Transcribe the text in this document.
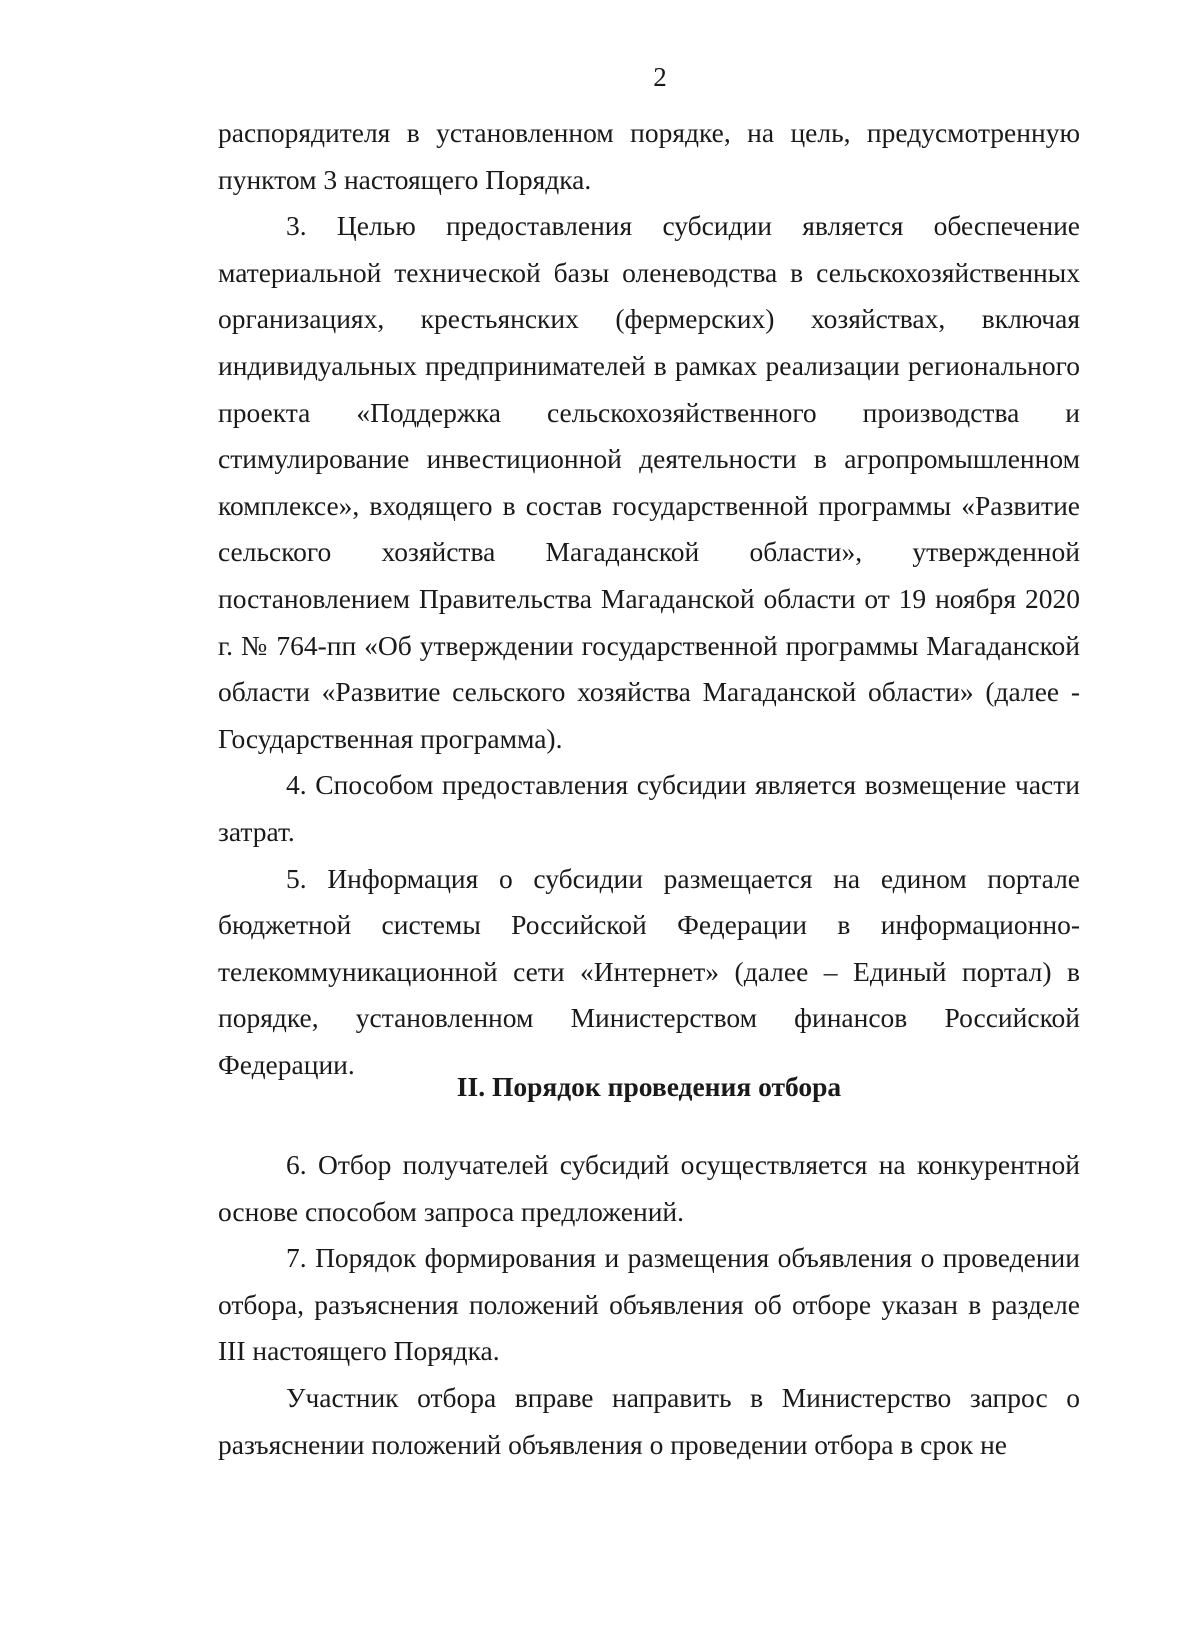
2

распорядителя в установленном порядке, на цель, предусмотренную пунктом 3 настоящего Порядка.

3. Целью предоставления субсидии является обеспечение материальной технической базы оленеводства в сельскохозяйственных организациях, крестьянских (фермерских) хозяйствах, включая индивидуальных предпринимателей в рамках реализации регионального проекта «Поддержка сельскохозяйственного производства и стимулирование инвестиционной деятельности в агропромышленном комплексе», входящего в состав государственной программы «Развитие сельского хозяйства Магаданской области», утвержденной постановлением Правительства Магаданской области от 19 ноября 2020 г. № 764-пп «Об утверждении государственной программы Магаданской области «Развитие сельского хозяйства Магаданской области» (далее - Государственная программа).

4. Способом предоставления субсидии является возмещение части затрат.

5. Информация о субсидии размещается на едином портале бюджетной системы Российской Федерации в информационно-телекоммуникационной сети «Интернет» (далее – Единый портал) в порядке, установленном Министерством финансов Российской Федерации.

II. Порядок проведения отбора

6. Отбор получателей субсидий осуществляется на конкурентной основе способом запроса предложений.

7. Порядок формирования и размещения объявления о проведении отбора, разъяснения положений объявления об отборе указан в разделе III настоящего Порядка.

Участник отбора вправе направить в Министерство запрос о разъяснении положений объявления о проведении отбора в срок не
